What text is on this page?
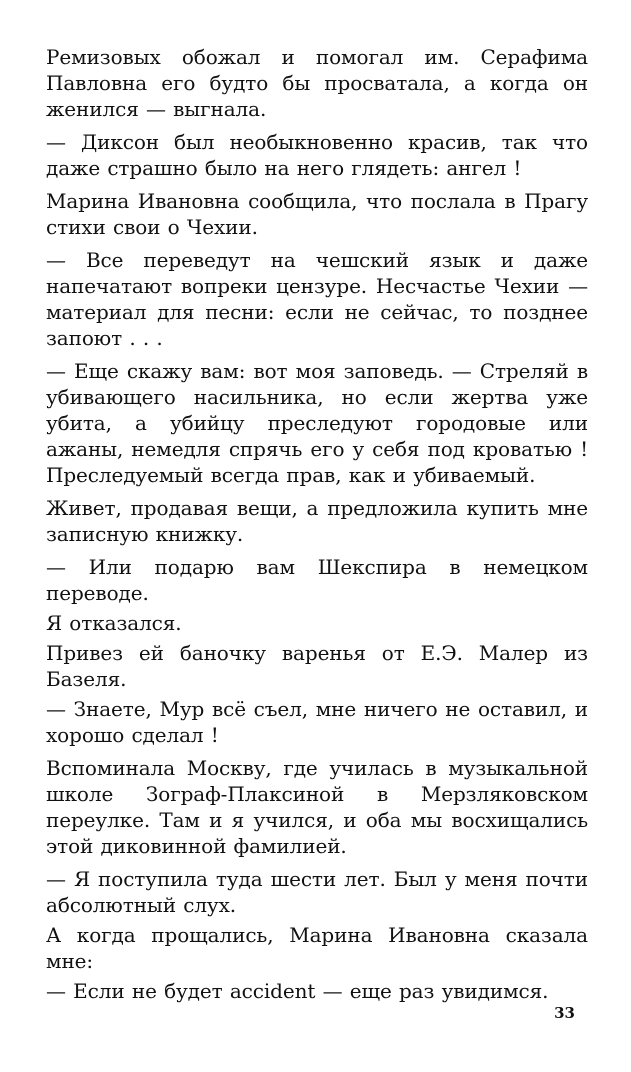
Ремизовых обожал и помогал им. Серафима Павловна его будто бы просватала, а когда он женился — выгнала.

— Диксон был необыкновенно красив, так что даже страшно было на него глядеть: ангел !

Марина Ивановна сообщила, что послала в Прагу стихи свои о Чехии.

— Все переведут на чешский язык и даже напечатают вопреки цензуре. Несчастье Чехии — материал для песни: если не сейчас, то позднее запоют . . .

— Еще скажу вам: вот моя заповедь. — Стреляй в убивающего насильника, но если жертва уже убита, а убийцу преследуют городовые или ажаны, немедля спрячь его у себя под кроватью ! Преследуемый всегда прав, как и убиваемый.

Живет, продавая вещи, а предложила купить мне записную книжку.

— Или подарю вам Шекспира в немецком переводе.

Я отказался.

Привез ей баночку варенья от Е.Э. Малер из Базеля.

— Знаете, Мур всё съел, мне ничего не оставил, и хорошо сделал !

Вспоминала Москву, где училась в музыкальной школе Зограф-Плаксиной в Мерзляковском переулке. Там и я учился, и оба мы восхищались этой диковинной фамилией.

— Я поступила туда шести лет. Был у меня почти абсолютный слух.

А когда прощались, Марина Ивановна сказала мне:

— Если не будет accident — еще раз увидимся.

33
